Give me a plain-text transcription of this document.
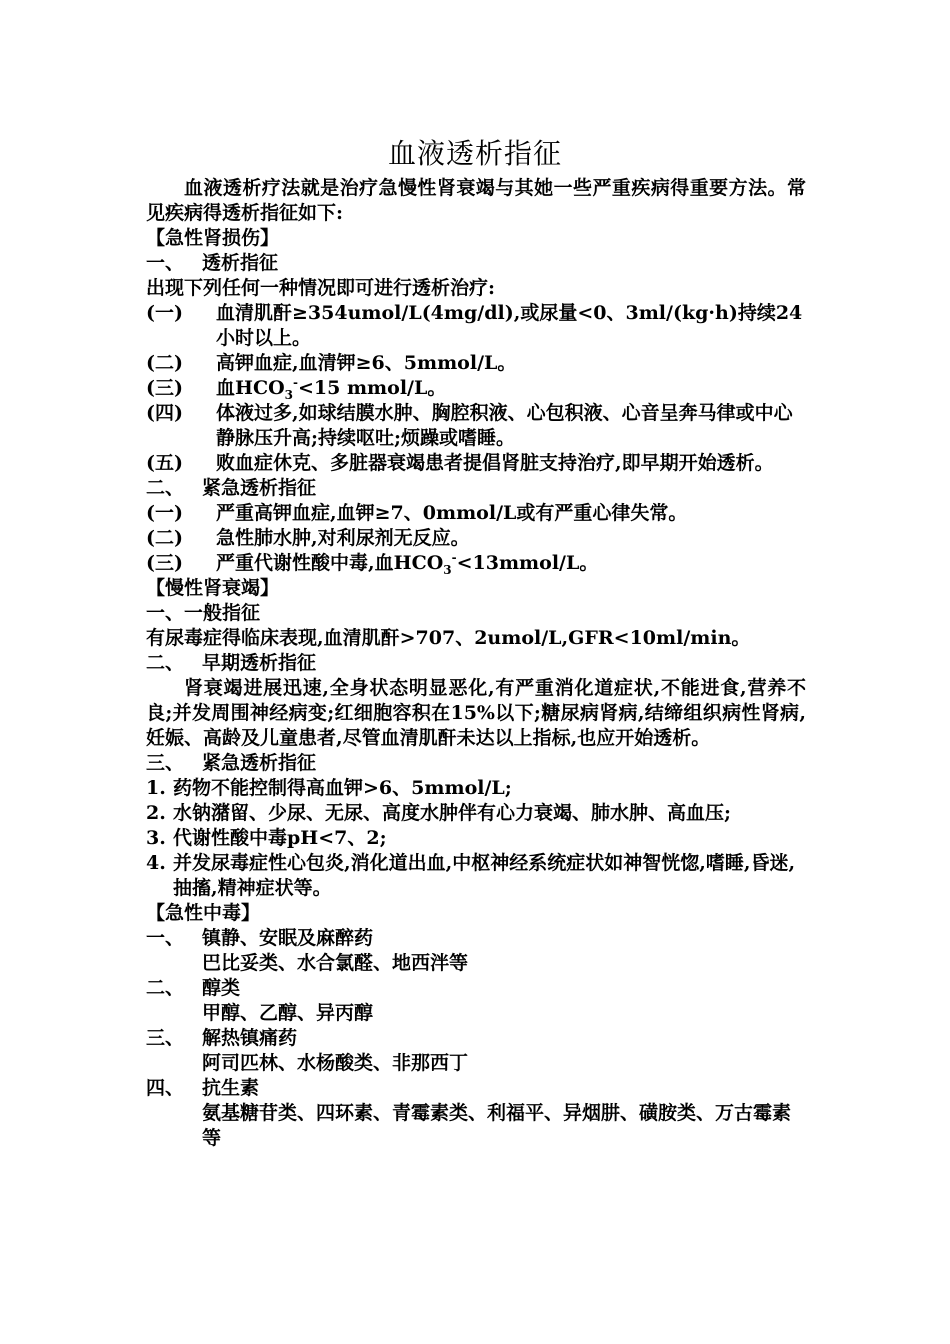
血液透析指征
血液透析疗法就是治疗急慢性肾衰竭与其她一些严重疾病得重要方法。常见疾病得透析指征如下:
【急性肾损伤】
一、 透析指征
出现下列任何一种情况即可进行透析治疗:
(一)	血清肌酐≥354umol/L(4mg/dl),或尿量<0、3ml/(kg·h)持续24小时以上。
(二)	高钾血症,血清钾≥6、5mmol/L。
(三)	血$HCO_3^-<15$ mmol/L。
(四)	体液过多,如球结膜水肿、胸腔积液、心包积液、心音呈奔马律或中心静脉压升高;持续呕吐;烦躁或嗜睡。
(五)	败血症休克、多脏器衰竭患者提倡肾脏支持治疗,即早期开始透析。
二、 紧急透析指征
(一)	严重高钾血症,血钾≥7、0mmol/L或有严重心律失常。
(二)	急性肺水肿,对利尿剂无反应。
(三)	严重代谢性酸中毒,血$HCO_3^-<13mmol/L$。
【慢性肾衰竭】
一、一般指征
有尿毒症得临床表现,血清肌酐>707、2umol/L,GFR<10ml/min。
二、 早期透析指征
肾衰竭进展迅速,全身状态明显恶化,有严重消化道症状,不能进食,营养不良;并发周围神经病变;红细胞容积在15%以下;糖尿病肾病,结缔组织病性肾病,妊娠、高龄及儿童患者,尽管血清肌酐未达以上指标,也应开始透析。
三、 紧急透析指征
1. 药物不能控制得高血钾>6、5mmol/L;
2. 水钠潴留、少尿、无尿、高度水肿伴有心力衰竭、肺水肿、高血压;
3. 代谢性酸中毒pH<7、2;
4. 并发尿毒症性心包炎,消化道出血,中枢神经系统症状如神智恍惚,嗜睡,昏迷,抽搐,精神症状等。
【急性中毒】
一、 镇静、安眠及麻醉药
巴比妥类、水合氯醛、地西泮等
二、 醇类
甲醇、乙醇、异丙醇
三、 解热镇痛药
阿司匹林、水杨酸类、非那西丁
四、 抗生素
氨基糖苷类、四环素、青霉素类、利福平、异烟肼、磺胺类、万古霉素等
